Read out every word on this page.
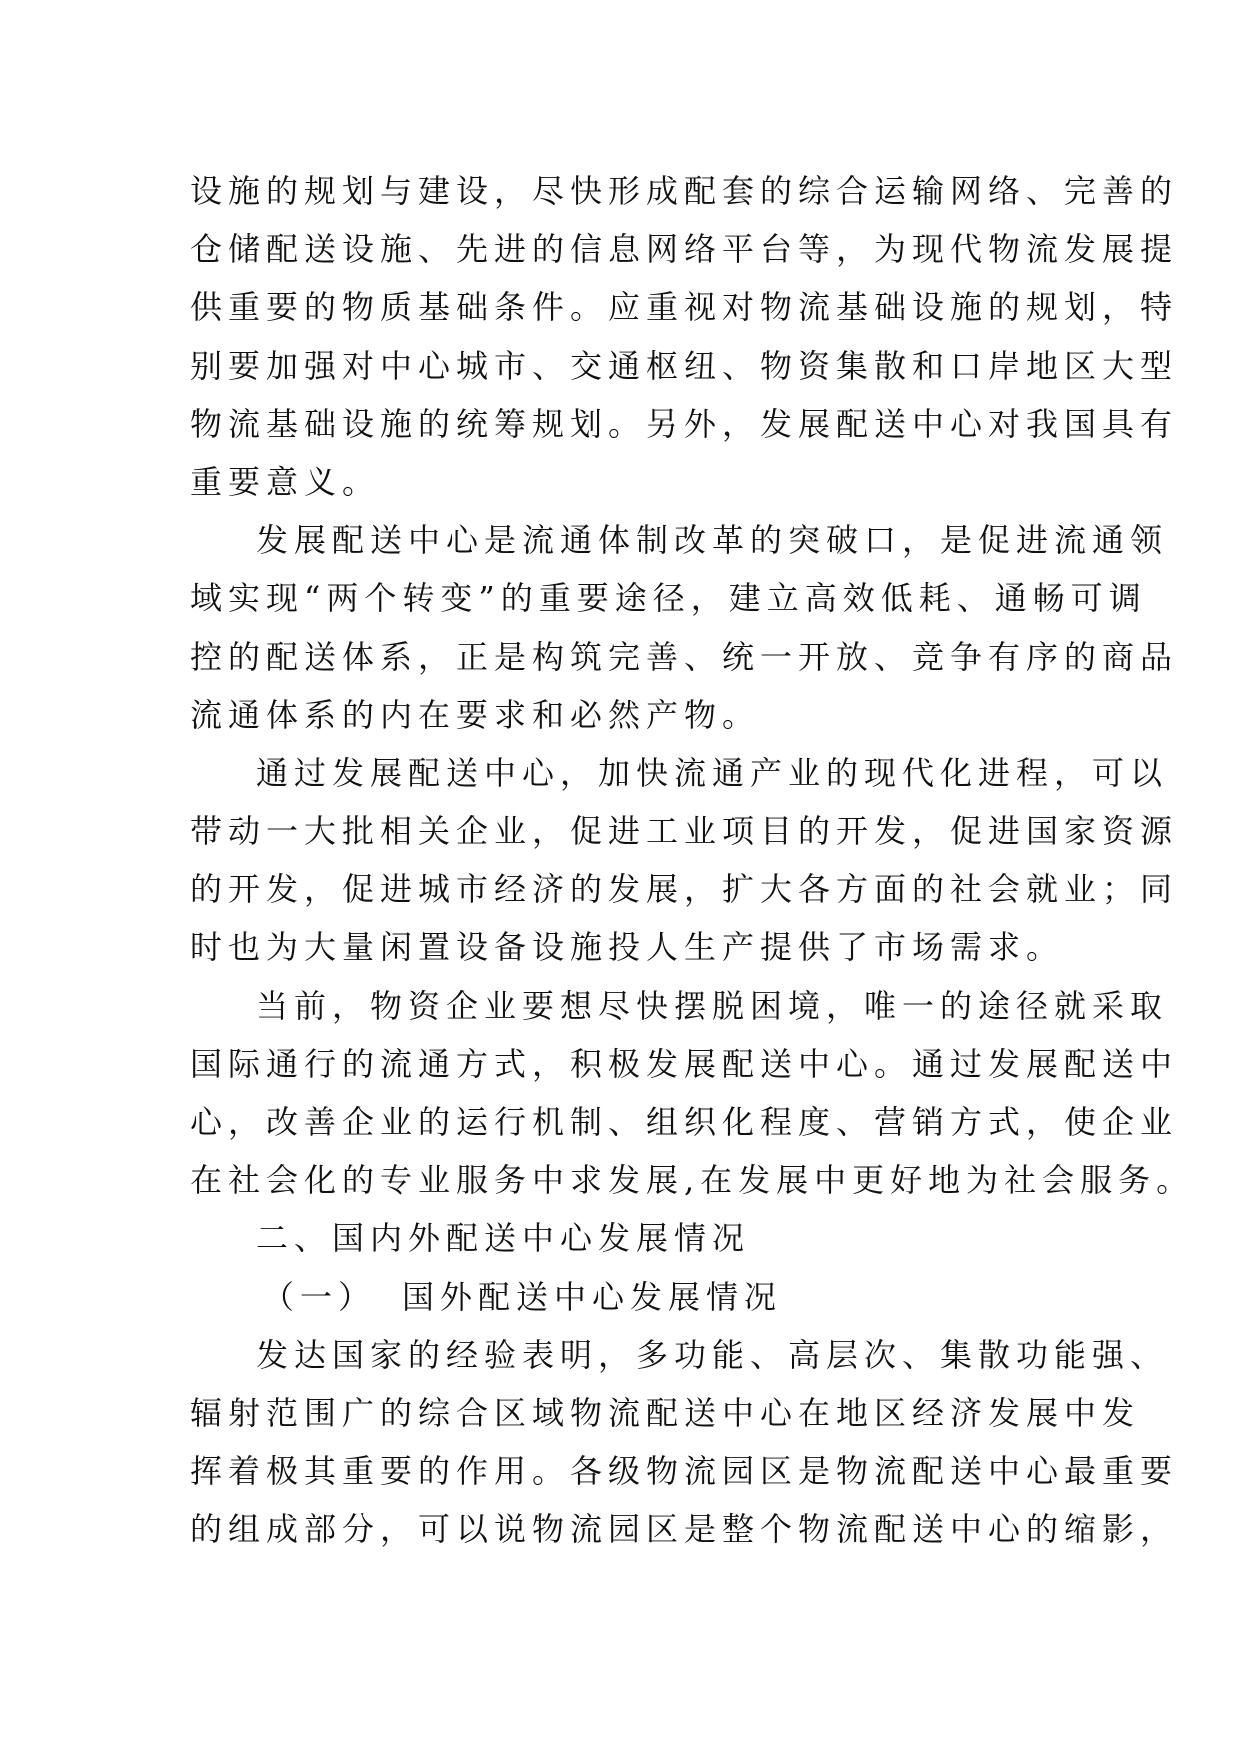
设施的规划与建设，尽快形成配套的综合运输网络、完善的
仓储配送设施、先进的信息网络平台等，为现代物流发展提
供重要的物质基础条件。应重视对物流基础设施的规划，特
别要加强对中心城市、交通枢纽、物资集散和口岸地区大型
物流基础设施的统筹规划。另外，发展配送中心对我国具有
重要意义。
发展配送中心是流通体制改革的突破口，是促进流通领
域实现“两个转变”的重要途径，建立高效低耗、通畅可调
控的配送体系，正是构筑完善、统一开放、竞争有序的商品
流通体系的内在要求和必然产物。
通过发展配送中心，加快流通产业的现代化进程，可以
带动一大批相关企业，促进工业项目的开发，促进国家资源
的开发，促进城市经济的发展，扩大各方面的社会就业；同
时也为大量闲置设备设施投人生产提供了市场需求。
当前，物资企业要想尽快摆脱困境，唯一的途径就采取
国际通行的流通方式，积极发展配送中心。通过发展配送中
心，改善企业的运行机制、组织化程度、营销方式，使企业
在社会化的专业服务中求发展,在发展中更好地为社会服务。
二、国内外配送中心发展情况
（一） 国外配送中心发展情况
发达国家的经验表明，多功能、高层次、集散功能强、
辐射范围广的综合区域物流配送中心在地区经济发展中发
挥着极其重要的作用。各级物流园区是物流配送中心最重要
的组成部分，可以说物流园区是整个物流配送中心的缩影，
